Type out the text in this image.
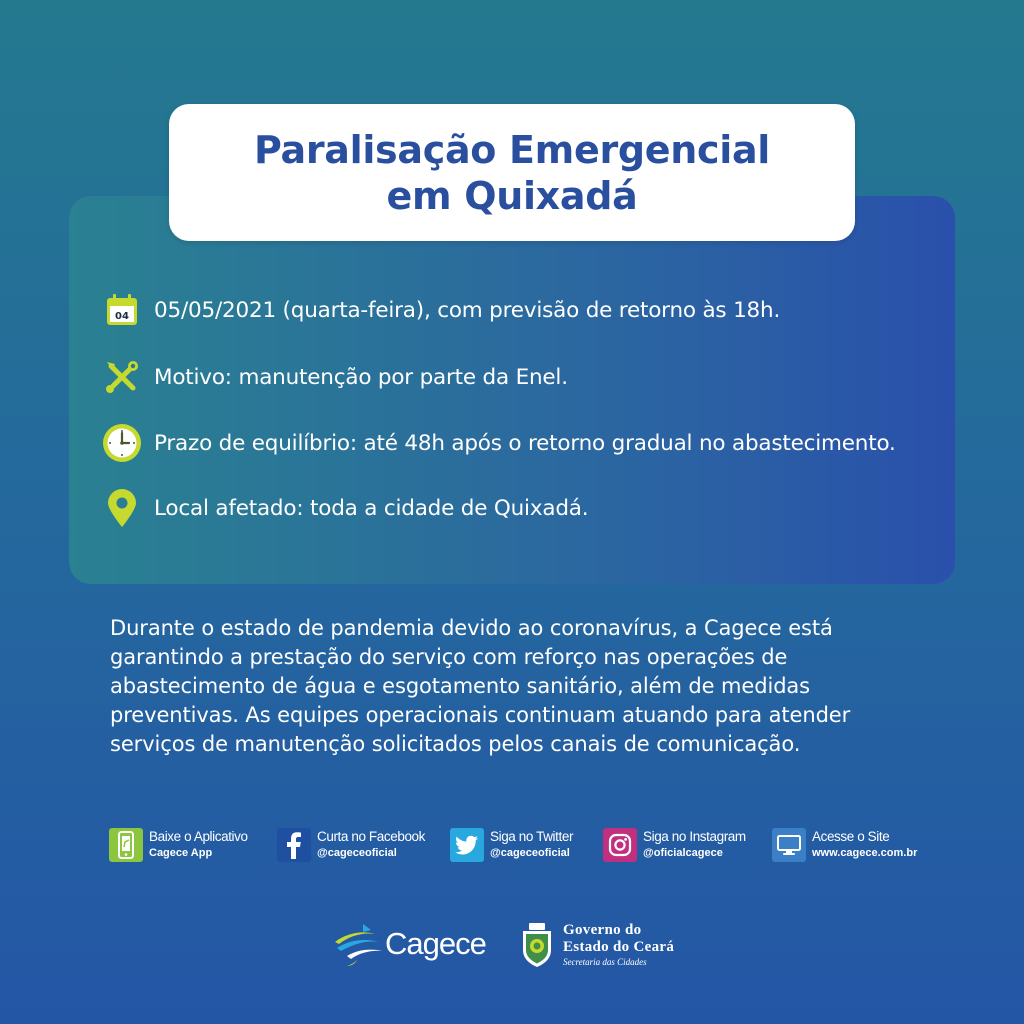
Paralisação Emergencial
em Quixadá
04 05/05/2021 (quarta-feira), com previsão de retorno às 18h.
Motivo: manutenção por parte da Enel.
Prazo de equilíbrio: até 48h após o retorno gradual no abastecimento.
Local afetado: toda a cidade de Quixadá.
Durante o estado de pandemia devido ao coronavírus, a Cagece está
garantindo a prestação do serviço com reforço nas operações de
abastecimento de água e esgotamento sanitário, além de medidas
preventivas. As equipes operacionais continuam atuando para atender
serviços de manutenção solicitados pelos canais de comunicação.
Baixe o Aplicativo
Cagece App
Curta no Facebook
@cageceoficial
Siga no Twitter
@cageceoficial
Siga no Instagram
@oficialcagece
Acesse o Site
www.cagece.com.br
Cagece	Governo do
Estado do Ceará
Secretaria das Cidades
